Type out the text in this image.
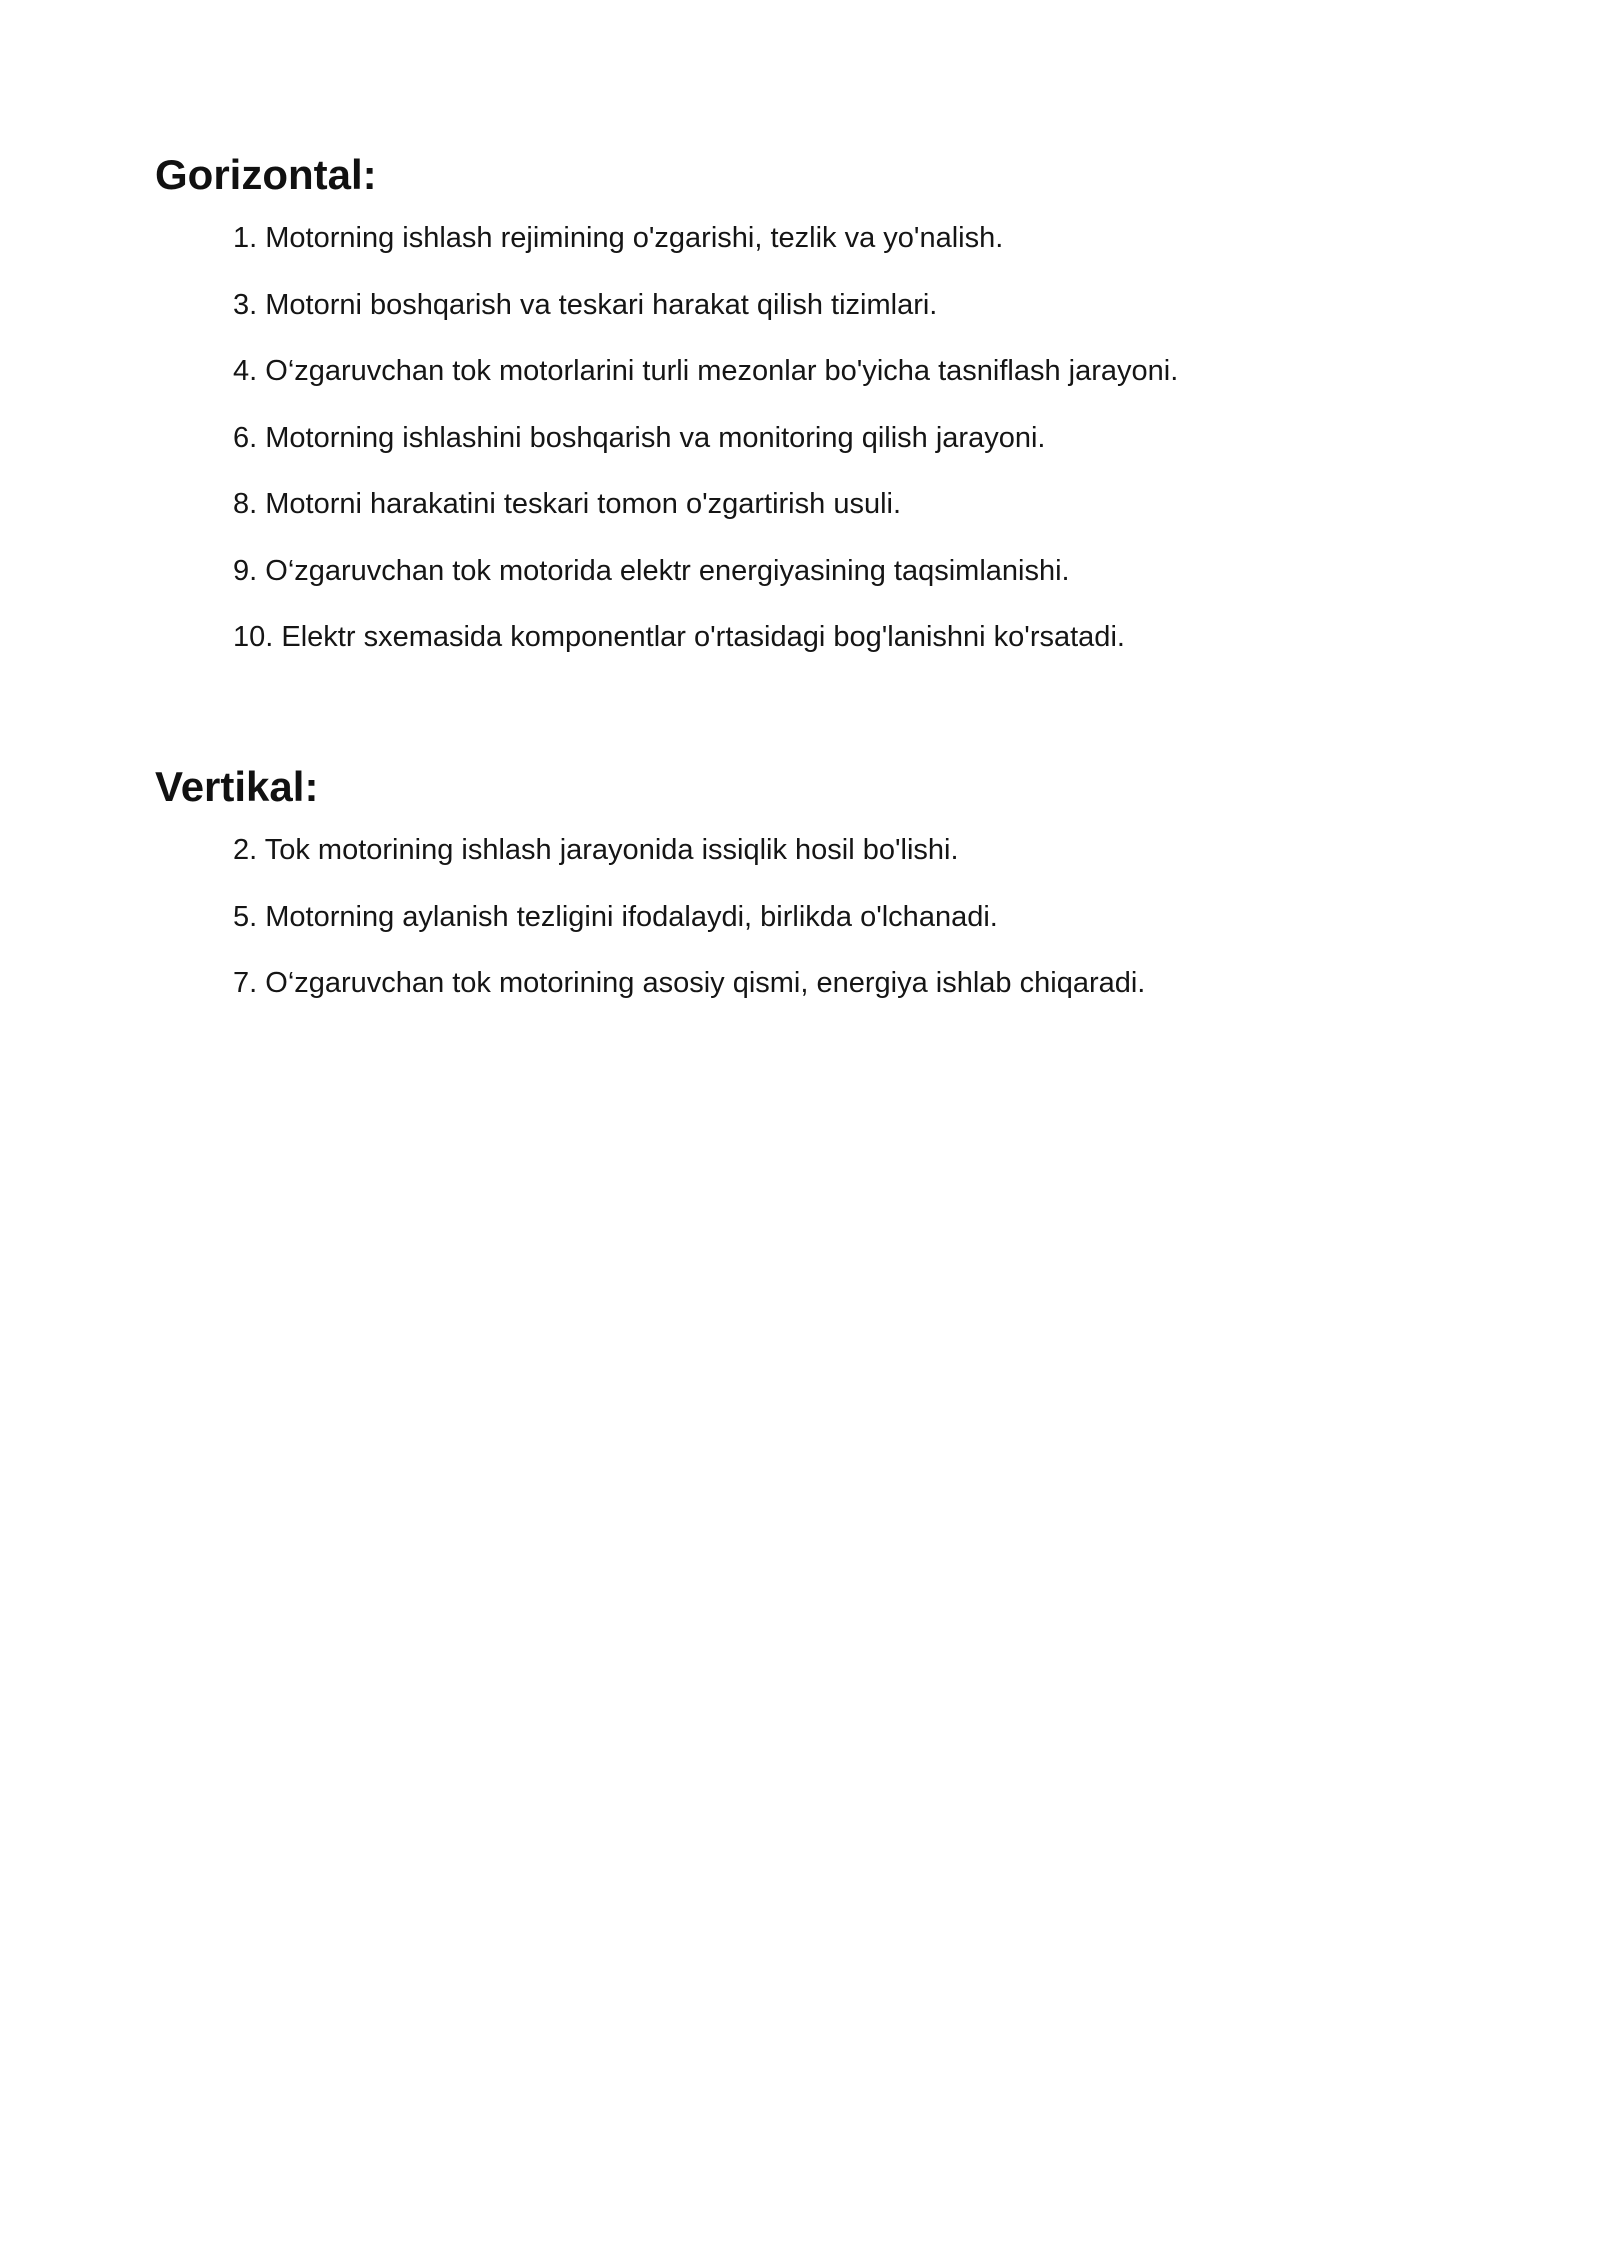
Gorizontal:
1 . Motorning ishlash rejimining o'zgarishi, tezlik va yo'nalish.
3 . Motorni boshqarish va teskari harakat qilish tizimlari.
4 . O‘zgaruvchan tok motorlarini turli mezonlar bo'yicha tasniflash jarayoni.
6 . Motorning ishlashini boshqarish va monitoring qilish jarayoni.
8 . Motorni harakatini teskari tomon o'zgartirish usuli.
9 . O‘zgaruvchan tok motorida elektr energiyasining taqsimlanishi.
10 . Elektr sxemasida komponentlar o'rtasidagi bog'lanishni ko'rsatadi.
Vertikal:
2 . Tok motorining ishlash jarayonida issiqlik hosil bo'lishi.
5 . Motorning aylanish tezligini ifodalaydi, birlikda o'lchanadi.
7 . O‘zgaruvchan tok motorining asosiy qismi, energiya ishlab chiqaradi.
